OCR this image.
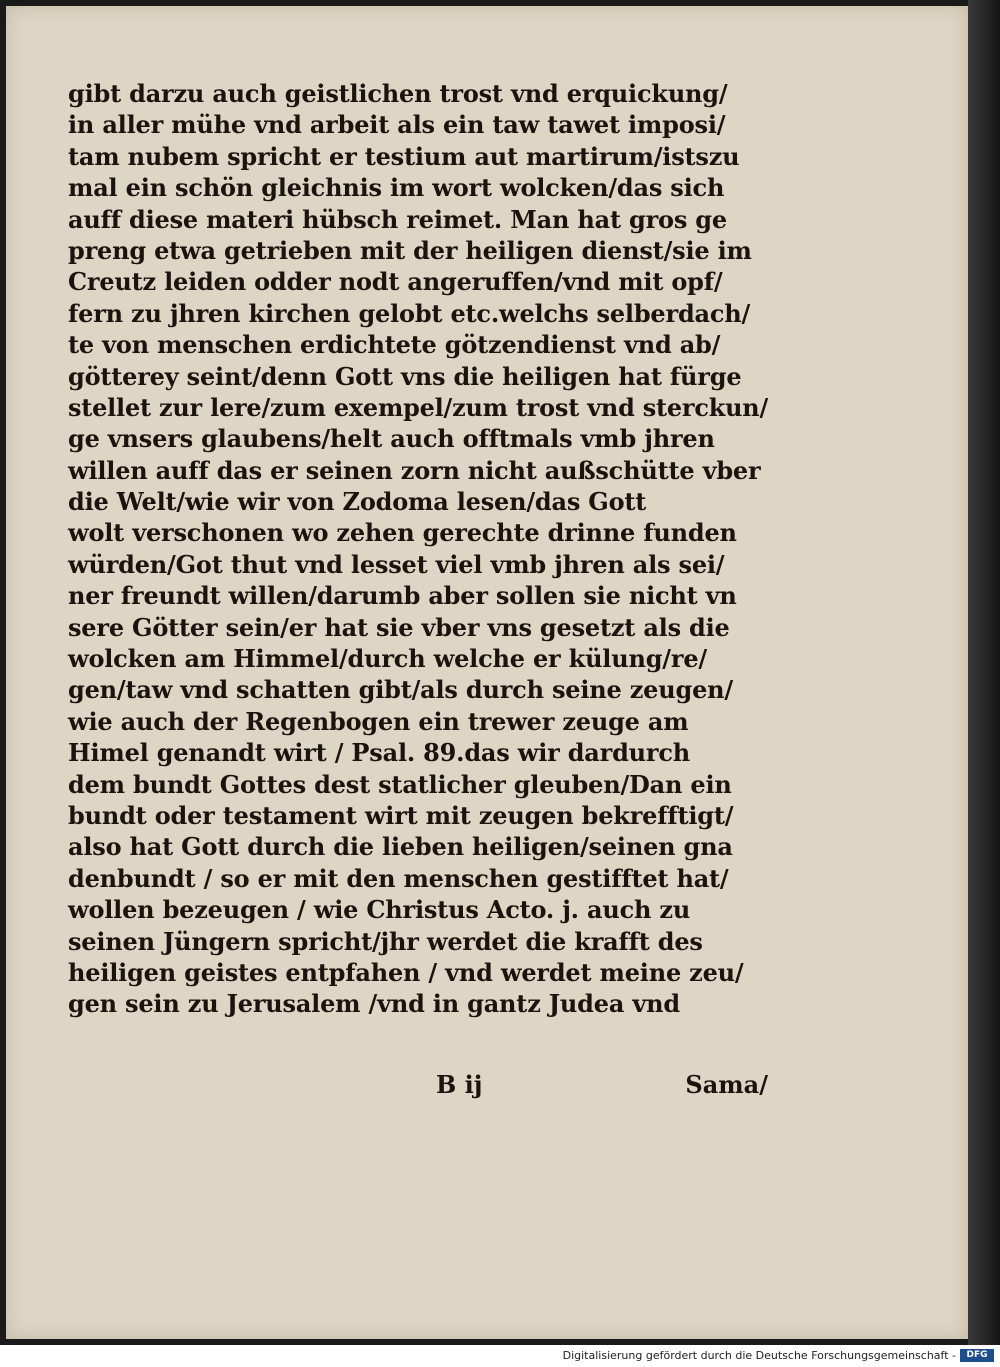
gibt darzu auch geistlichen trost vnd erquickung/
in aller mühe vnd arbeit als ein taw tawet imposi/
tam nubem spricht er testium aut martirum/istszu
mal ein schön gleichnis im wort wolcken/das sich
auff diese materi hübsch reimet. Man hat gros ge
preng etwa getrieben mit der heiligen dienst/sie im
Creutz leiden odder nodt angeruffen/vnd mit opf/
fern zu jhren kirchen gelobt etc.welchs selberdach/
te von menschen erdichtete götzendienst vnd ab/
götterey seint/denn Gott vns die heiligen hat fürge
stellet zur lere/zum exempel/zum trost vnd sterckun/
ge vnsers glaubens/helt auch offtmals vmb jhren
willen auff das er seinen zorn nicht außschütte vber
die Welt/wie wir von Zodoma lesen/das Gott
wolt verschonen wo zehen gerechte drinne funden
würden/Got thut vnd lesset viel vmb jhren als sei/
ner freundt willen/darumb aber sollen sie nicht vn
sere Götter sein/er hat sie vber vns gesetzt als die
wolcken am Himmel/durch welche er külung/re/
gen/taw vnd schatten gibt/als durch seine zeugen/
wie auch der Regenbogen ein trewer zeuge am
Himel genandt wirt / Psal. 89.das wir dardurch
dem bundt Gottes dest statlicher gleuben/Dan ein
bundt oder testament wirt mit zeugen bekrefftigt/
also hat Gott durch die lieben heiligen/seinen gna
denbundt / so er mit den menschen gestifftet hat/
wollen bezeugen / wie Christus Acto. j. auch zu
seinen Jüngern spricht/jhr werdet die krafft des
heiligen geistes entpfahen / vnd werdet meine zeu/
gen sein zu Jerusalem /vnd in gantz Judea vnd
B ij	Sama/
Digitalisierung gefördert durch die Deutsche Forschungsgemeinschaft -	DFG
